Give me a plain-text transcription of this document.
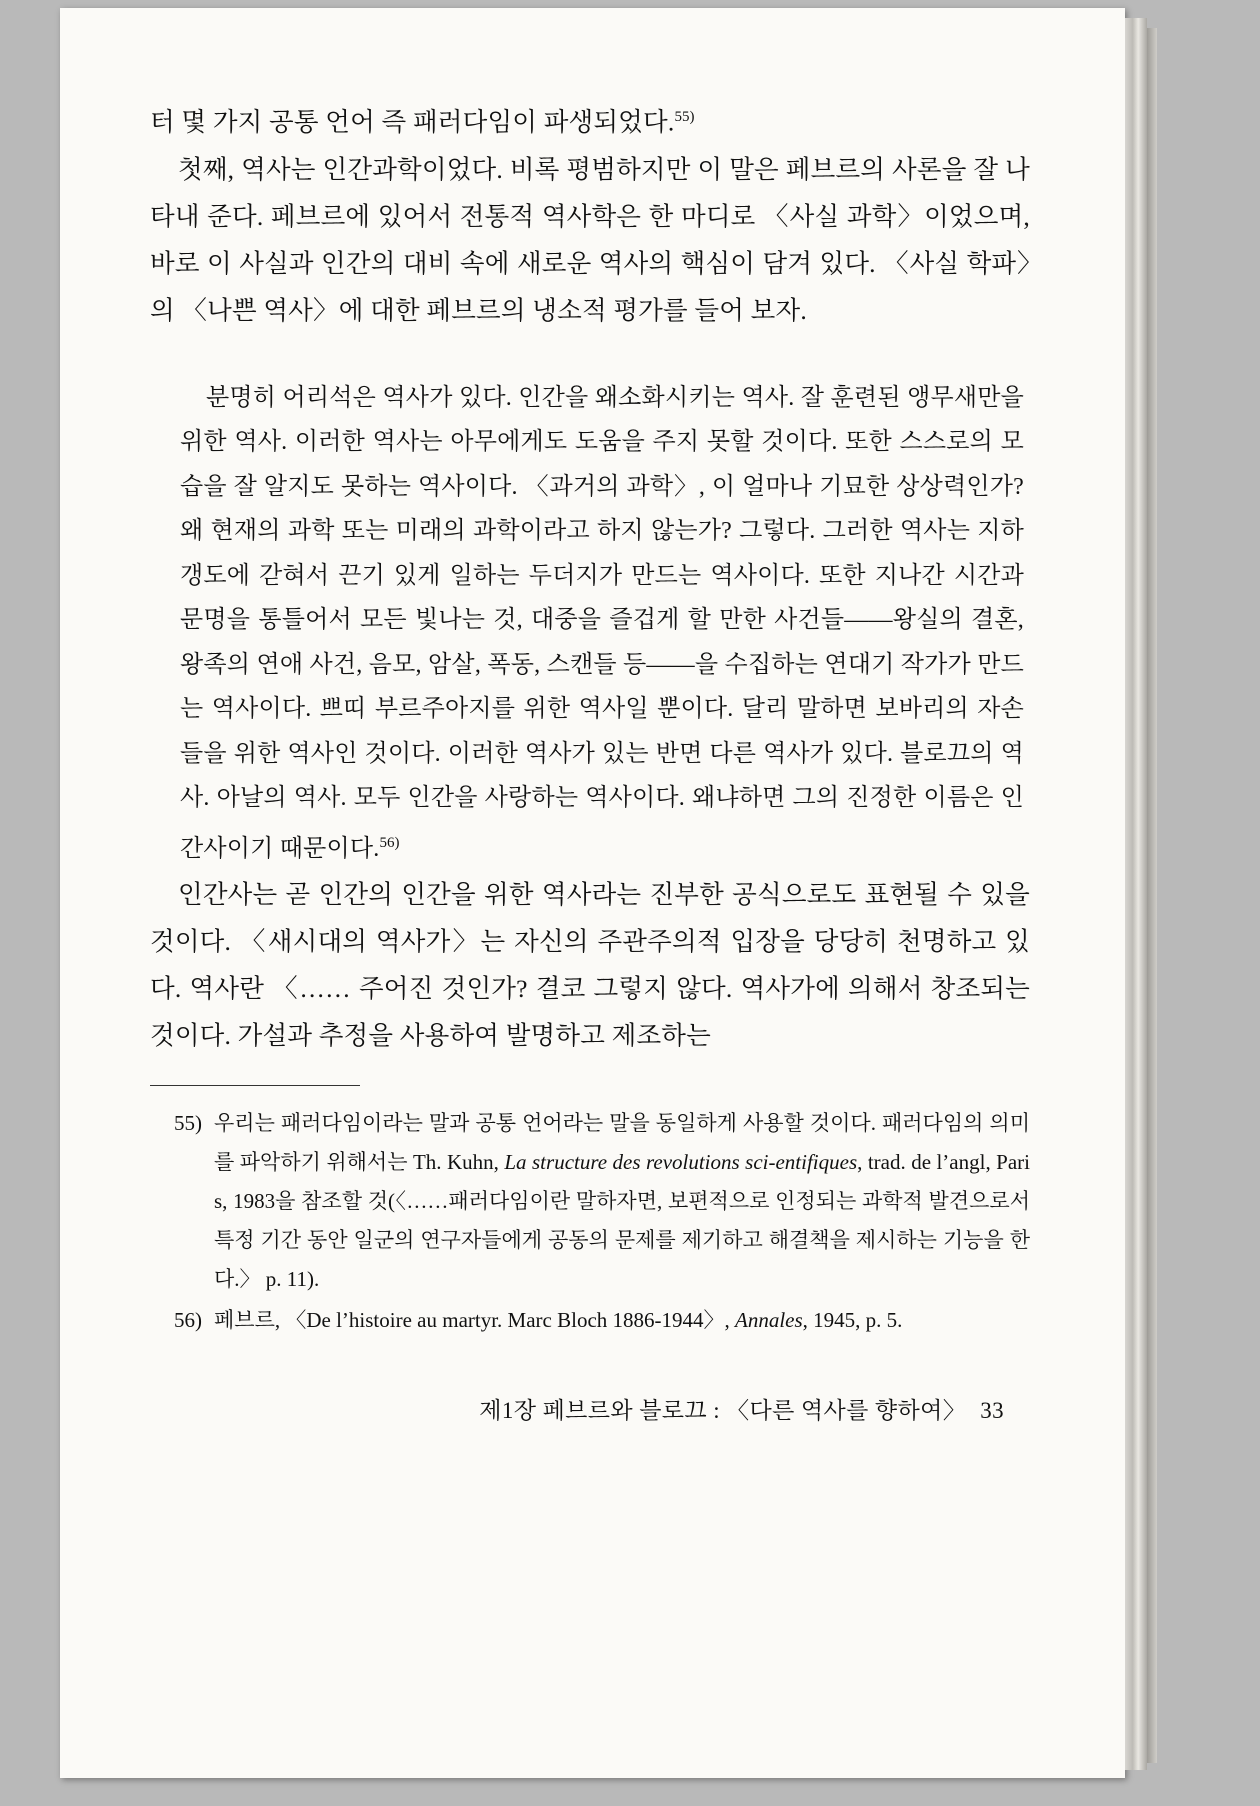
터 몇 가지 공통 언어 즉 패러다임이 파생되었다.$^{55)}$

첫째, 역사는 인간과학이었다. 비록 평범하지만 이 말은 페브르의 사론을 잘 나타내 준다. 페브르에 있어서 전통적 역사학은 한 마디로 〈사실 과학〉이었으며, 바로 이 사실과 인간의 대비 속에 새로운 역사의 핵심이 담겨 있다. 〈사실 학파〉의 〈나쁜 역사〉에 대한 페브르의 냉소적 평가를 들어 보자.

분명히 어리석은 역사가 있다. 인간을 왜소화시키는 역사. 잘 훈련된 앵무새만을 위한 역사. 이러한 역사는 아무에게도 도움을 주지 못할 것이다. 또한 스스로의 모습을 잘 알지도 못하는 역사이다. 〈과거의 과학〉, 이 얼마나 기묘한 상상력인가? 왜 현재의 과학 또는 미래의 과학이라고 하지 않는가? 그렇다. 그러한 역사는 지하 갱도에 갇혀서 끈기 있게 일하는 두더지가 만드는 역사이다. 또한 지나간 시간과 문명을 통틀어서 모든 빛나는 것, 대중을 즐겁게 할 만한 사건들——왕실의 결혼, 왕족의 연애 사건, 음모, 암살, 폭동, 스캔들 등——을 수집하는 연대기 작가가 만드는 역사이다. 쁘띠 부르주아지를 위한 역사일 뿐이다. 달리 말하면 보바리의 자손들을 위한 역사인 것이다. 이러한 역사가 있는 반면 다른 역사가 있다. 블로끄의 역사. 아날의 역사. 모두 인간을 사랑하는 역사이다. 왜냐하면 그의 진정한 이름은 인간사이기 때문이다.$^{56)}$

인간사는 곧 인간의 인간을 위한 역사라는 진부한 공식으로도 표현될 수 있을 것이다. 〈새시대의 역사가〉는 자신의 주관주의적 입장을 당당히 천명하고 있다. 역사란 〈…… 주어진 것인가? 결코 그렇지 않다. 역사가에 의해서 창조되는 것이다. 가설과 추정을 사용하여 발명하고 제조하는

55) 우리는 패러다임이라는 말과 공통 언어라는 말을 동일하게 사용할 것이다. 패러다임의 의미를 파악하기 위해서는 Th. Kuhn, La structure des revolutions sci-entifiques, trad. de l’angl, Paris, 1983을 참조할 것(〈……패러다임이란 말하자면, 보편적으로 인정되는 과학적 발견으로서 특정 기간 동안 일군의 연구자들에게 공동의 문제를 제기하고 해결책을 제시하는 기능을 한다.〉 p. 11).
56) 페브르, 〈De l’histoire au martyr. Marc Bloch 1886-1944〉, Annales, 1945, p. 5.
제1장 페브르와 블로끄 : 〈다른 역사를 향하여〉 33
